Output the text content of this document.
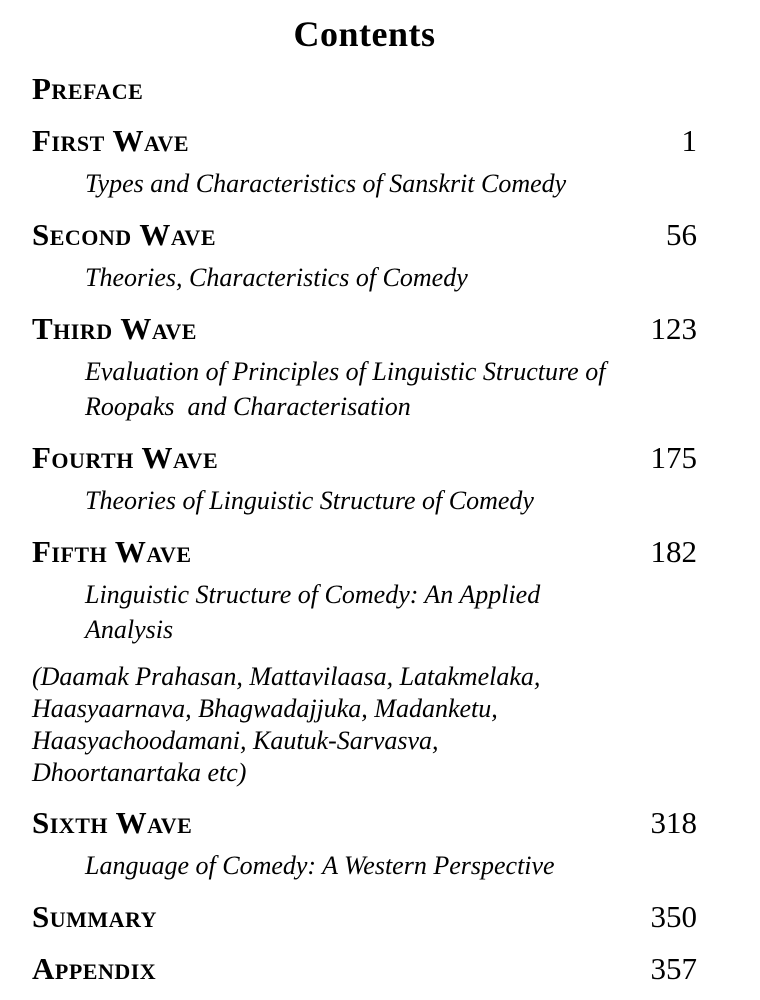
Contents
Preface
First Wave	1
Types and Characteristics of Sanskrit Comedy
Second Wave	56
Theories, Characteristics of Comedy
Third Wave	123
Evaluation of Principles of Linguistic Structure of Roopaks  and Characterisation
Fourth Wave	175
Theories of Linguistic Structure of Comedy
Fifth Wave	182
Linguistic Structure of Comedy: An Applied Analysis
(Daamak Prahasan, Mattavilaasa, Latakmelaka, Haasyaarnava, Bhagwadajjuka, Madanketu, Haasyachoodamani, Kautuk-Sarvasva, Dhoortanartaka etc)
Sixth Wave	318
Language of Comedy: A Western Perspective
Summary	350
Appendix	357
